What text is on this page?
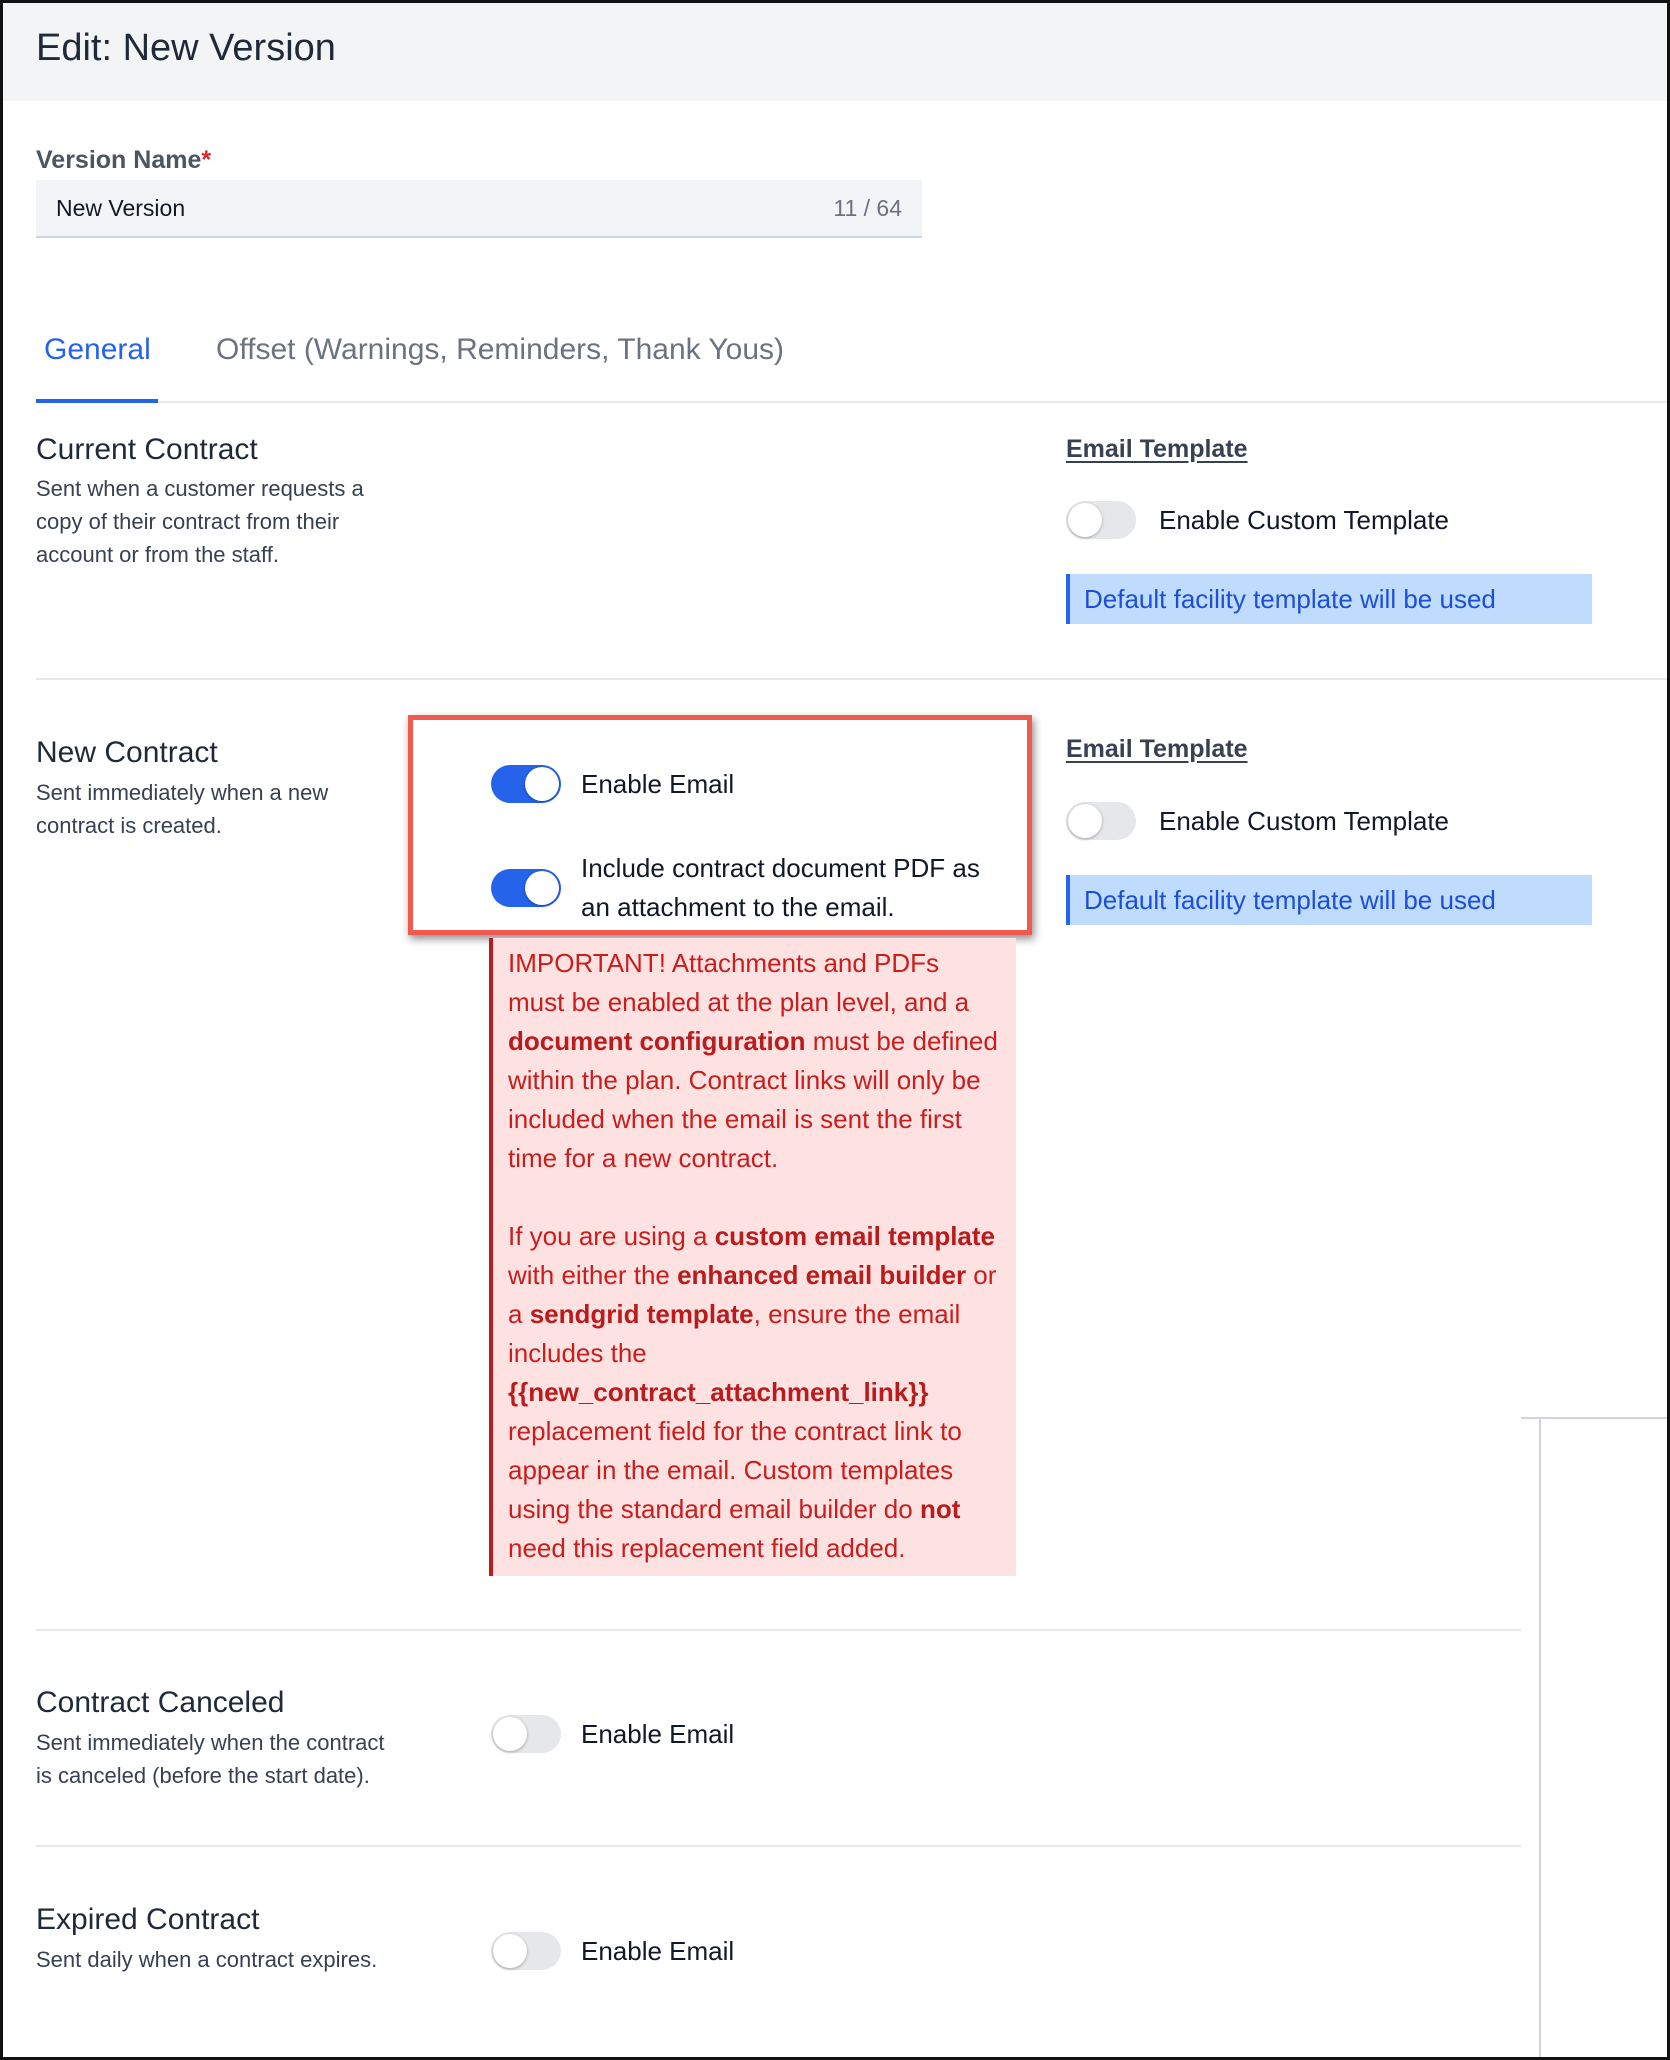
Edit: New Version
Version Name*
New Version	11 / 64
General Offset (Warnings, Reminders, Thank Yous)
Current Contract
Sent when a customer requests a
copy of their contract from their
account or from the staff.
Email Template
Enable Custom Template
Default facility template will be used
New Contract
Sent immediately when a new
contract is created.
Enable Email
Include contract document PDF as
an attachment to the email.

IMPORTANT! Attachments and PDFs must be enabled at the plan level, and a document configuration must be defined within the plan. Contract links will only be included when the email is sent the first time for a new contract.

If you are using a custom email template with either the enhanced email builder or a sendgrid template, ensure the email includes the {{new_contract_attachment_link}} replacement field for the contract link to appear in the email. Custom templates using the standard email builder do not need this replacement field added.

Email Template
Enable Custom Template
Default facility template will be used
Contract Canceled
Sent immediately when the contract
is canceled (before the start date).
Enable Email
Expired Contract
Sent daily when a contract expires.	Enable Email
